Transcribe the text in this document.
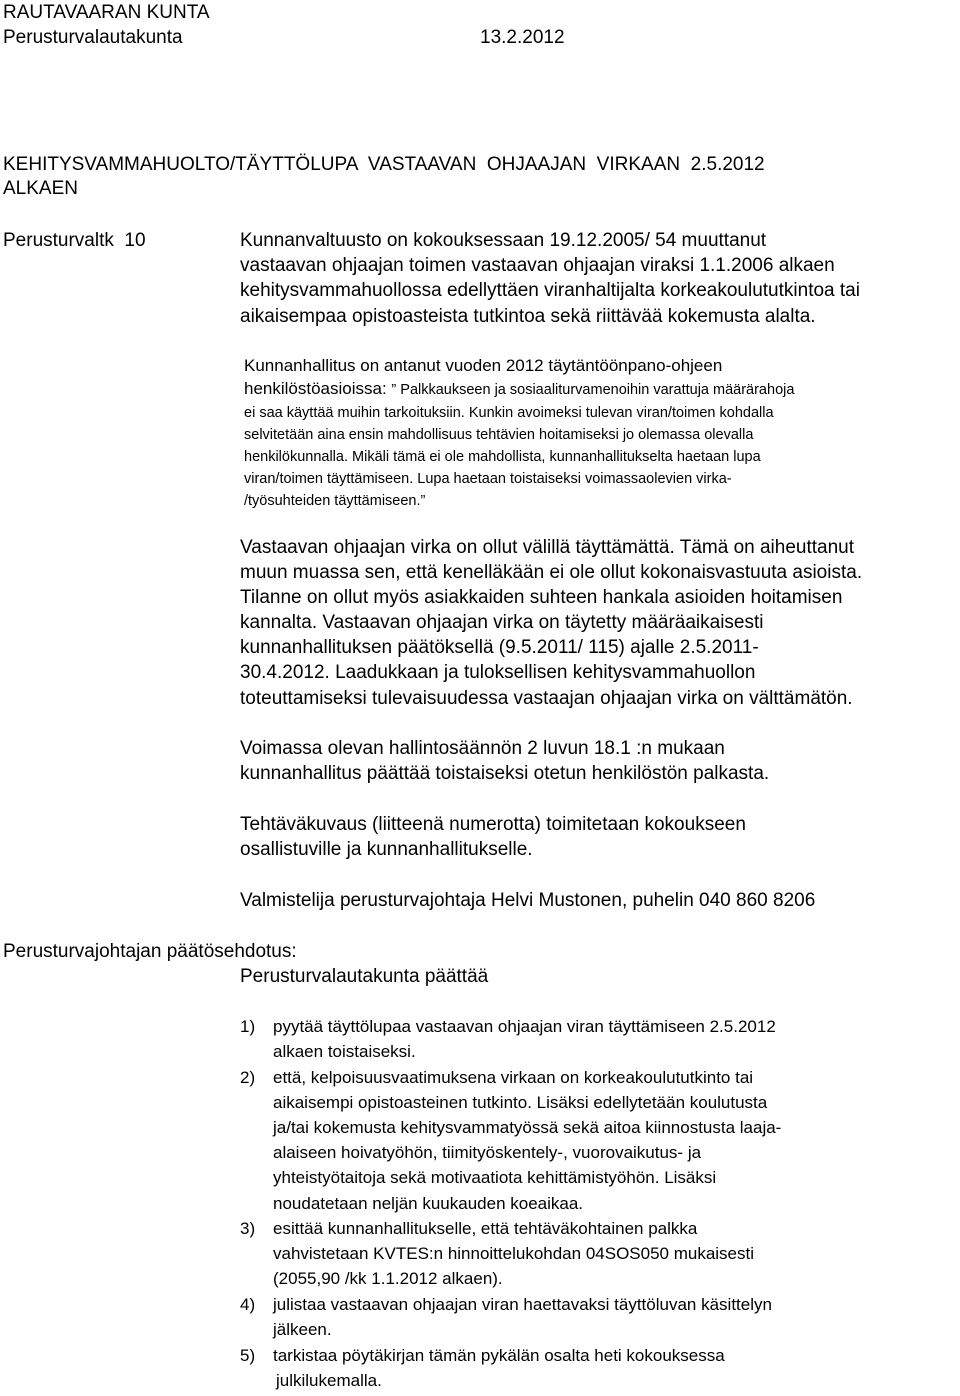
RAUTAVAARAN KUNTA
Perusturvalautakunta	13.2.2012
KEHITYSVAMMAHUOLTO/TÄYTTÖLUPA  VASTAAVAN  OHJAAJAN  VIRKAAN  2.5.2012
ALKAEN
Perusturvaltk  10	Kunnanvaltuusto on kokouksessaan 19.12.2005/ 54 muuttanut
vastaavan ohjaajan toimen vastaavan ohjaajan viraksi 1.1.2006 alkaen
kehitysvammahuollossa edellyttäen viranhaltijalta korkeakoulututkintoa tai
aikaisempaa opistoasteista tutkintoa sekä riittävää kokemusta alalta.
Kunnanhallitus on antanut vuoden 2012 täytäntöönpano-ohjeen
henkilöstöasioissa: ” Palkkaukseen ja sosiaaliturvamenoihin varattuja määrärahoja
ei saa käyttää muihin tarkoituksiin. Kunkin avoimeksi tulevan viran/toimen kohdalla
selvitetään aina ensin mahdollisuus tehtävien hoitamiseksi jo olemassa olevalla
henkilökunnalla. Mikäli tämä ei ole mahdollista, kunnanhallitukselta haetaan lupa
viran/toimen täyttämiseen. Lupa haetaan toistaiseksi voimassaolevien virka-
/työsuhteiden täyttämiseen.”
Vastaavan ohjaajan virka on ollut välillä täyttämättä. Tämä on aiheuttanut
muun muassa sen, että kenelläkään ei ole ollut kokonaisvastuuta asioista.
Tilanne on ollut myös asiakkaiden suhteen hankala asioiden hoitamisen
kannalta. Vastaavan ohjaajan virka on täytetty määräaikaisesti
kunnanhallituksen päätöksellä (9.5.2011/ 115) ajalle 2.5.2011-
30.4.2012. Laadukkaan ja tuloksellisen kehitysvammahuollon
toteuttamiseksi tulevaisuudessa vastaajan ohjaajan virka on välttämätön.
Voimassa olevan hallintosäännön 2 luvun 18.1 :n mukaan
kunnanhallitus päättää toistaiseksi otetun henkilöstön palkasta.
Tehtäväkuvaus (liitteenä numerotta) toimitetaan kokoukseen
osallistuville ja kunnanhallitukselle.
Valmistelija perusturvajohtaja Helvi Mustonen, puhelin 040 860 8206
Perusturvajohtajan päätösehdotus:
Perusturvalautakunta päättää
1) pyytää täyttölupaa vastaavan ohjaajan viran täyttämiseen 2.5.2012
alkaen toistaiseksi.
2) että, kelpoisuusvaatimuksena virkaan on korkeakoulututkinto tai
aikaisempi opistoasteinen tutkinto. Lisäksi edellytetään koulutusta
ja/tai kokemusta kehitysvammatyössä sekä aitoa kiinnostusta laaja-
alaiseen hoivatyöhön, tiimityöskentely-, vuorovaikutus- ja
yhteistyötaitoja sekä motivaatiota kehittämistyöhön. Lisäksi
noudatetaan neljän kuukauden koeaikaa.
3) esittää kunnanhallitukselle, että tehtäväkohtainen palkka
vahvistetaan KVTES:n hinnoittelukohdan 04SOS050 mukaisesti
(2055,90 /kk 1.1.2012 alkaen).
4) julistaa vastaavan ohjaajan viran haettavaksi täyttöluvan käsittelyn
jälkeen.
5) tarkistaa pöytäkirjan tämän pykälän osalta heti kokouksessa
julkilukemalla.
